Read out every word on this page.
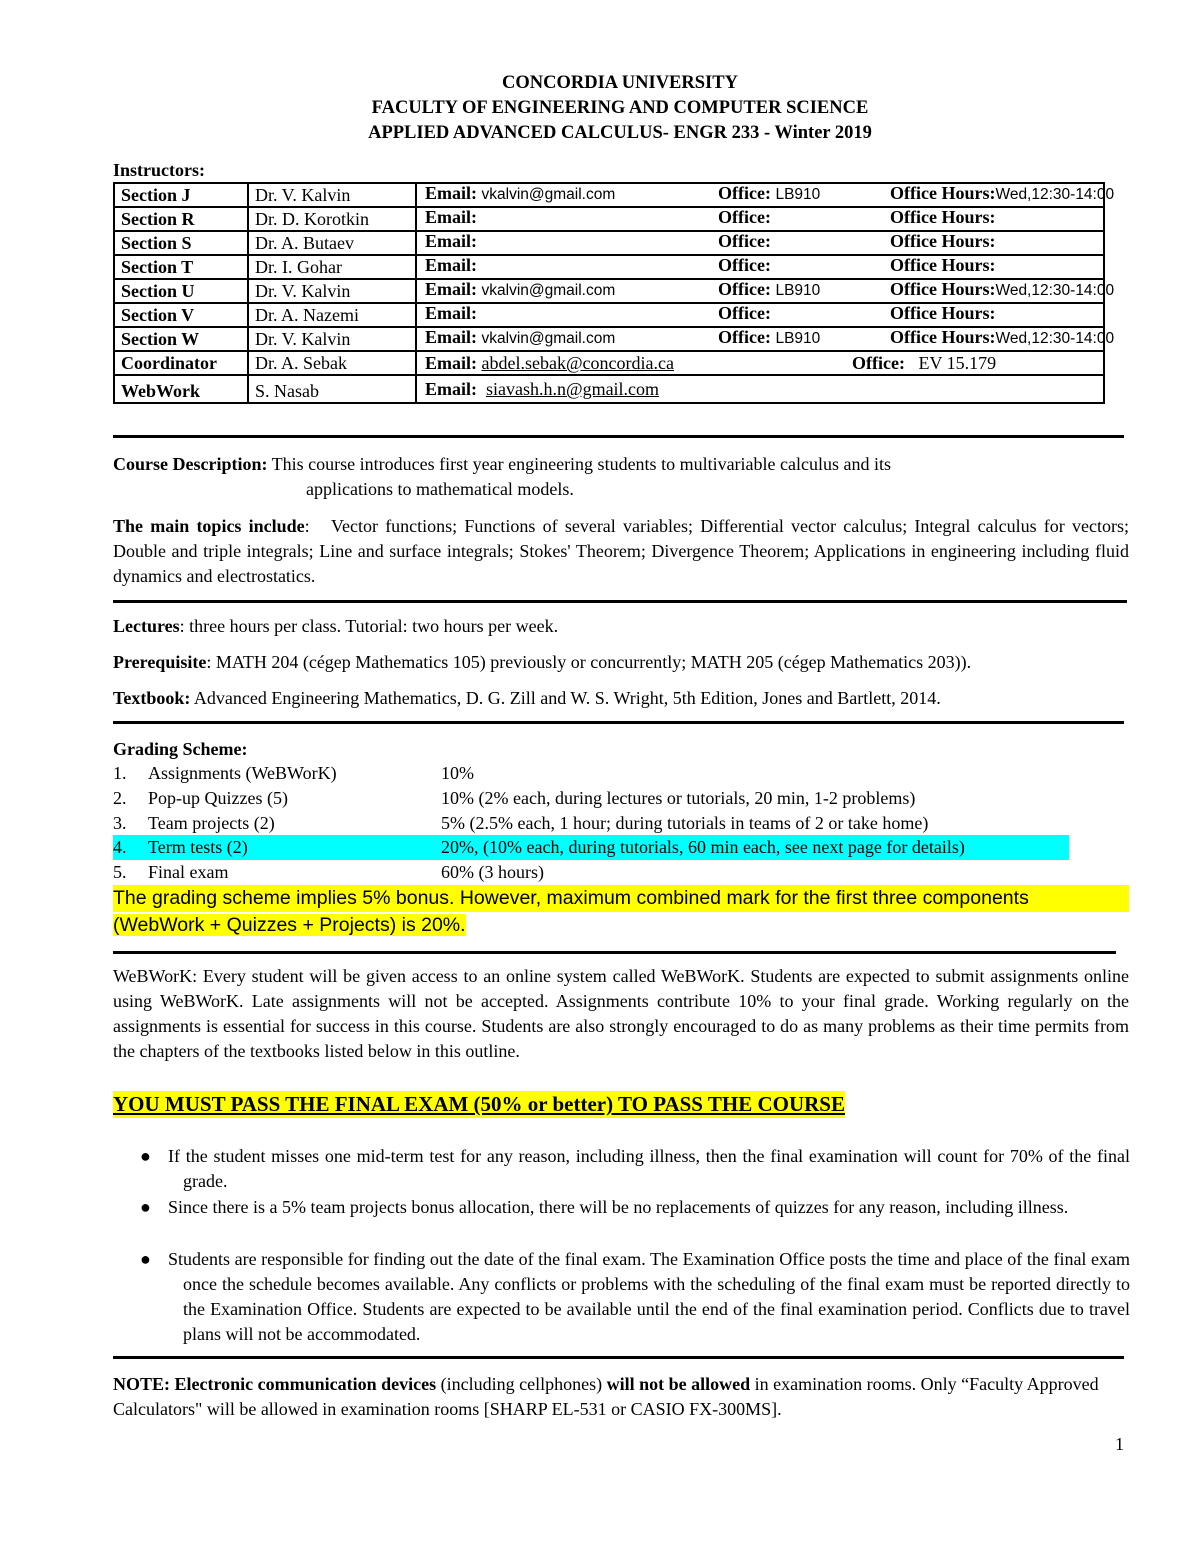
CONCORDIA UNIVERSITY
FACULTY OF ENGINEERING AND COMPUTER SCIENCE
APPLIED ADVANCED CALCULUS- ENGR 233 - Winter 2019
Instructors:
Section J	Dr. V. Kalvin	Email: vkalvin@gmail.com Office: LB910 Office Hours:Wed,12:30-14:00

Section R	Dr. D. Korotkin	Email: Office: Office Hours:

Section S	Dr. A. Butaev	Email: Office: Office Hours:

Section T	Dr. I. Gohar	Email: Office: Office Hours:

Section U	Dr. V. Kalvin	Email: vkalvin@gmail.com Office: LB910 Office Hours:Wed,12:30-14:00

Section V	Dr. A. Nazemi	Email: Office: Office Hours:

Section W	Dr. V. Kalvin	Email: vkalvin@gmail.com Office: LB910 Office Hours:Wed,12:30-14:00

Coordinator	Dr. A. Sebak	Email: abdel.sebak@concordia.ca Office: EV 15.179

WebWork	S. Nasab	Email: siavash.h.n@gmail.com
Course Description: This course introduces first year engineering students to multivariable calculus and its
applications to mathematical models.
The main topics include:   Vector functions; Functions of several variables; Differential vector calculus; Integral calculus for vectors; Double and triple integrals; Line and surface integrals; Stokes' Theorem; Divergence Theorem; Applications in engineering including fluid dynamics and electrostatics.
Lectures: three hours per class. Tutorial: two hours per week.
Prerequisite: MATH 204 (cégep Mathematics 105) previously or concurrently; MATH 205 (cégep Mathematics 203)).
Textbook: Advanced Engineering Mathematics, D. G. Zill and W. S. Wright, 5th Edition, Jones and Bartlett, 2014.
Grading Scheme:
1. Assignments (WeBWorK)	10%
2. Pop-up Quizzes (5)	10% (2% each, during lectures or tutorials, 20 min, 1-2 problems)
3. Team projects (2)	5% (2.5% each, 1 hour; during tutorials in teams of 2 or take home)
4. Term tests (2)	20%, (10% each, during tutorials, 60 min each, see next page for details)
5. Final exam	60% (3 hours)
The grading scheme implies 5% bonus. However, maximum combined mark for the first three components
(WebWork + Quizzes + Projects) is 20%.
WeBWorK: Every student will be given access to an online system called WeBWorK. Students are expected to submit assignments online using WeBWorK. Late assignments will not be accepted. Assignments contribute 10% to your final grade. Working regularly on the assignments is essential for success in this course. Students are also strongly encouraged to do as many problems as their time permits from the chapters of the textbooks listed below in this outline.
YOU MUST PASS THE FINAL EXAM (50% or better) TO PASS THE COURSE
● If the student misses one mid-term test for any reason, including illness, then the final examination will count for 70% of the final grade.
● Since there is a 5% team projects bonus allocation, there will be no replacements of quizzes for any reason, including illness.
● Students are responsible for finding out the date of the final exam. The Examination Office posts the time and place of the final exam once the schedule becomes available. Any conflicts or problems with the scheduling of the final exam must be reported directly to the Examination Office. Students are expected to be available until the end of the final examination period. Conflicts due to travel plans will not be accommodated.
NOTE: Electronic communication devices (including cellphones) will not be allowed in examination rooms. Only “Faculty Approved Calculators" will be allowed in examination rooms [SHARP EL-531 or CASIO FX-300MS].
1
